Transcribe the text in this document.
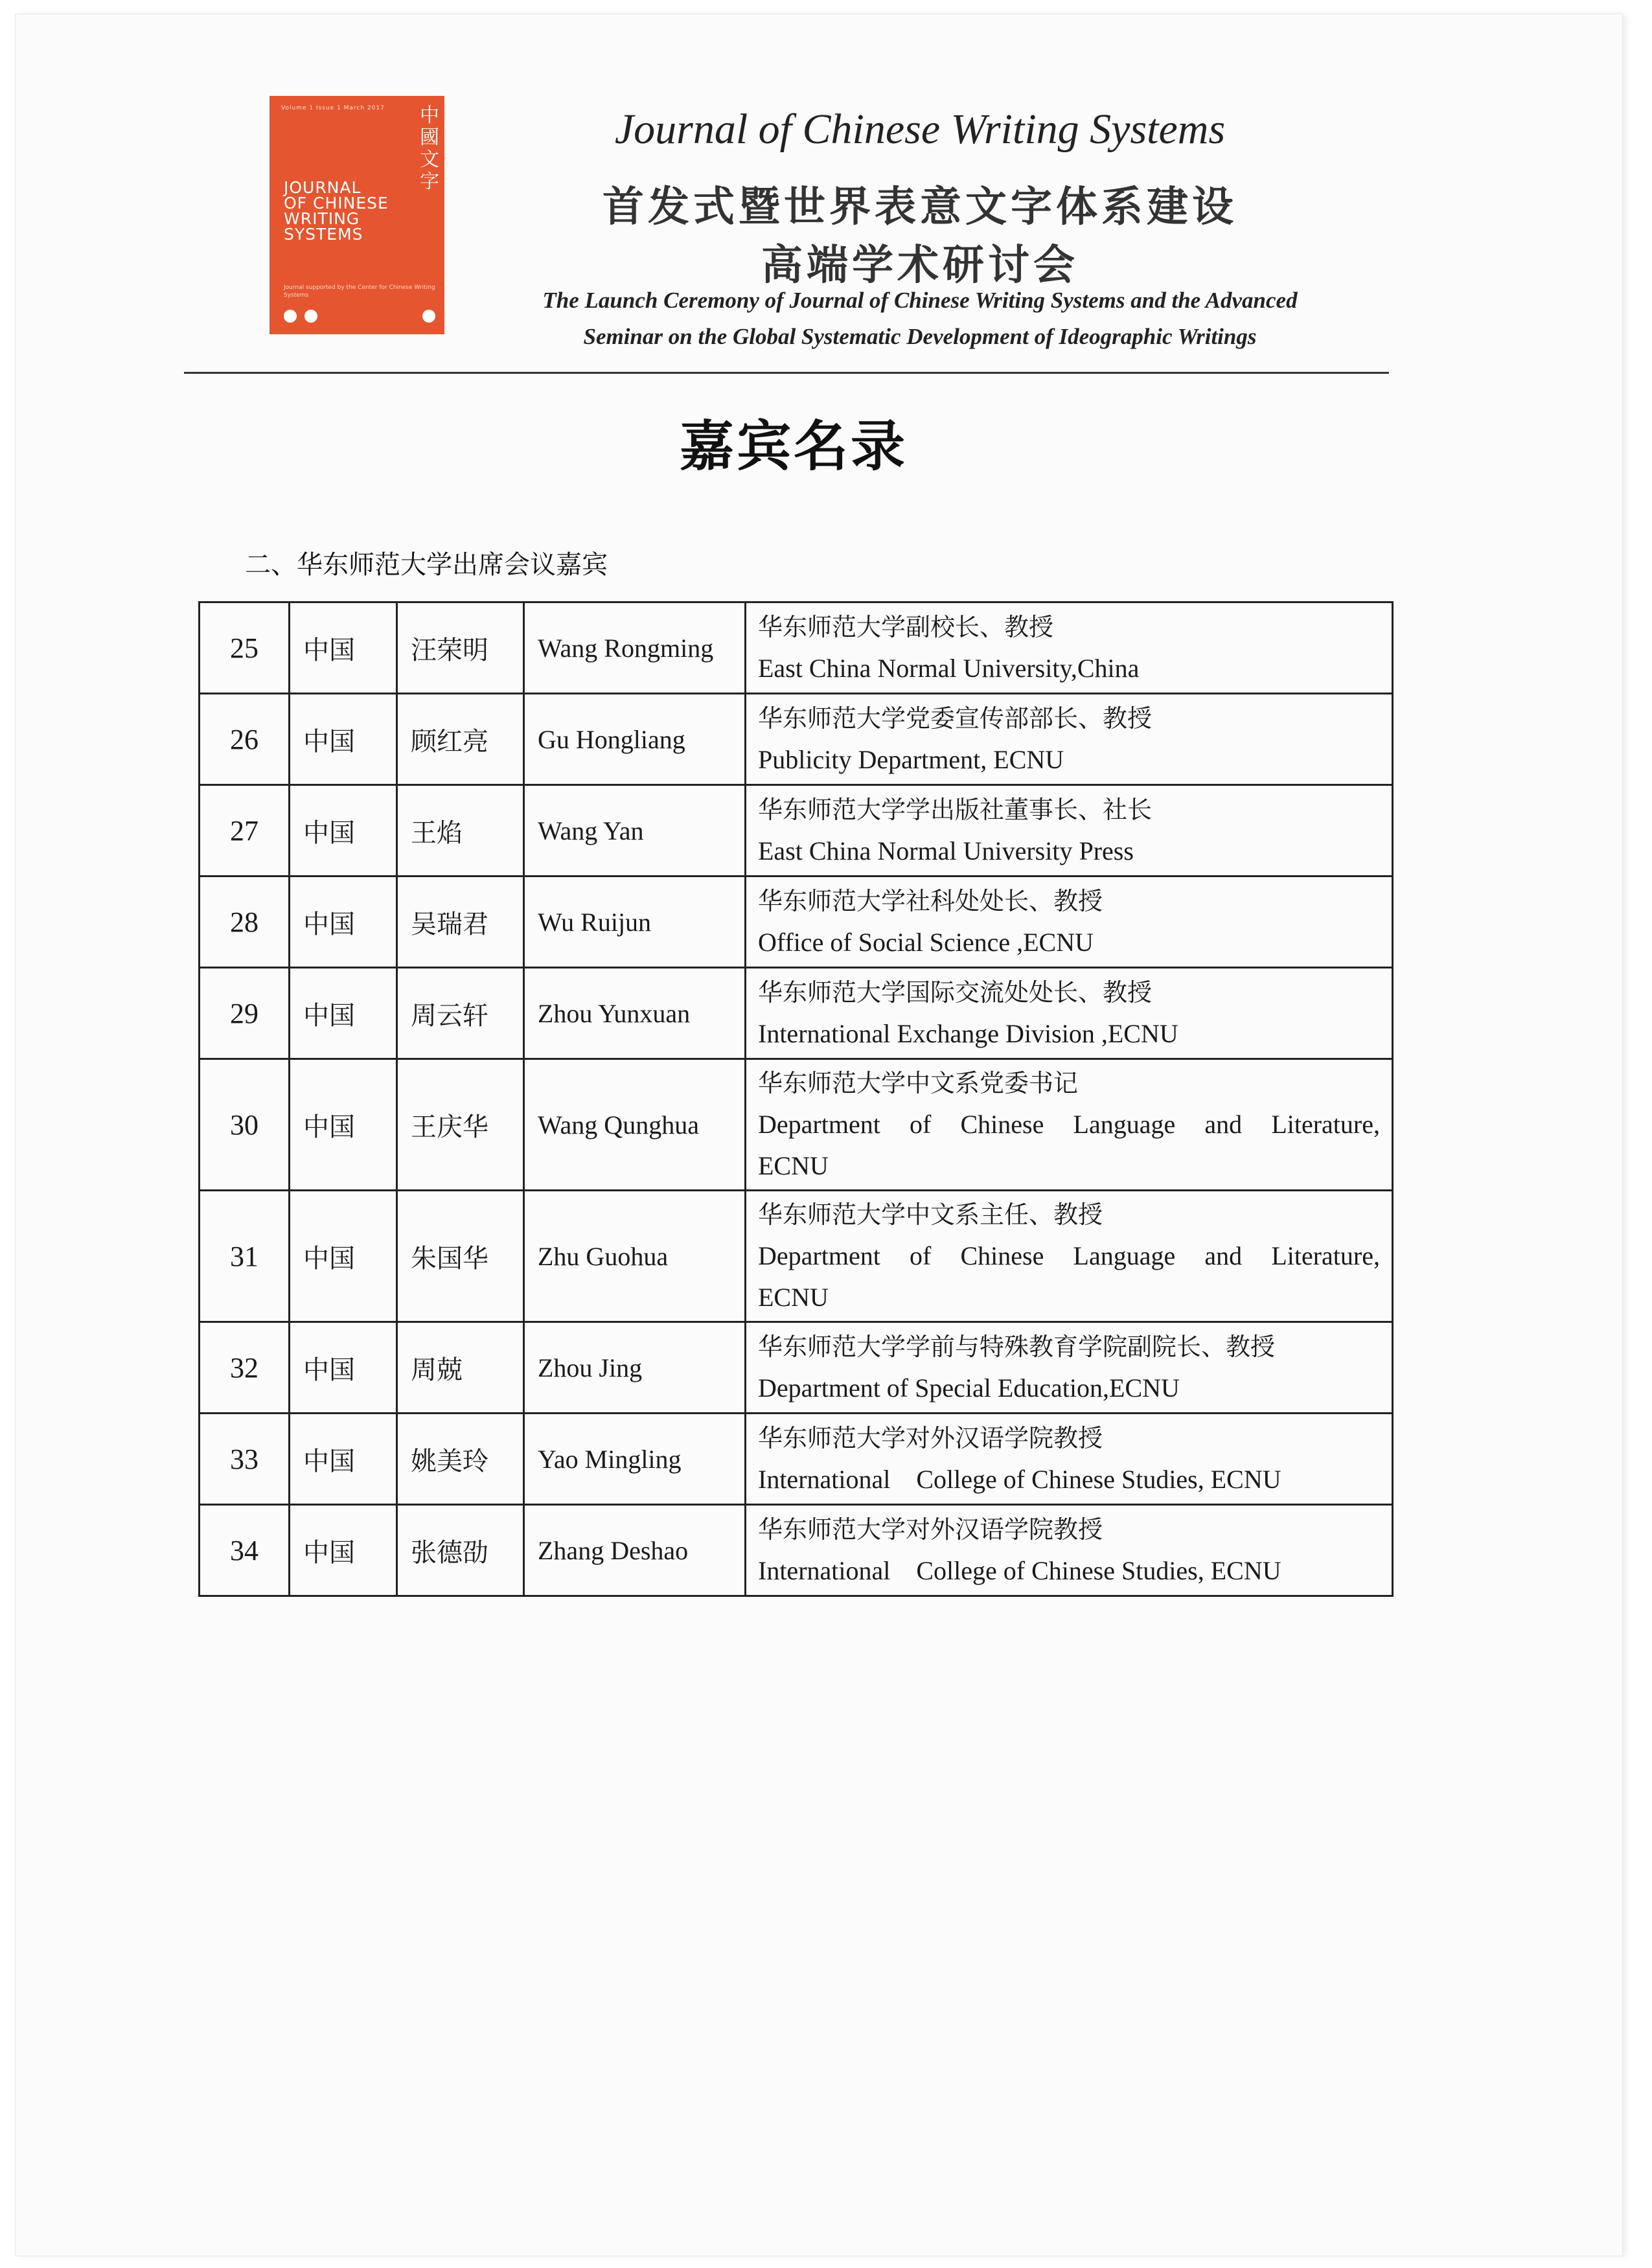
Volume 1 Issue 1 March 2017 中國文字
JOURNAL
OF CHINESE
WRITING
SYSTEMS
Journal supported by the Center for Chinese Writing Systems
Journal of Chinese Writing Systems
首发式暨世界表意文字体系建设
高端学术研讨会
The Launch Ceremony of Journal of Chinese Writing Systems and the Advanced
Seminar on the Global Systematic Development of Ideographic Writings
嘉宾名录
二、华东师范大学出席会议嘉宾
25	中国	汪荣明	Wang Rongming	华东师范大学副校长、教授
East China Normal University,China

26	中国	顾红亮	Gu Hongliang	华东师范大学党委宣传部部长、教授
Publicity Department, ECNU

27	中国	王焰	Wang Yan	华东师范大学学出版社董事长、社长
East China Normal University Press

28	中国	吴瑞君	Wu Ruijun	华东师范大学社科处处长、教授
Office of Social Science ,ECNU

29	中国	周云轩	Zhou Yunxuan	华东师范大学国际交流处处长、教授
International Exchange Division ,ECNU

30	中国	王庆华	Wang Qunghua	华东师范大学中文系党委书记
Department of Chinese Language and Literature,
ECNU

31	中国	朱国华	Zhu Guohua	华东师范大学中文系主任、教授
Department of Chinese Language and Literature,
ECNU

32	中国	周兢	Zhou Jing	华东师范大学学前与特殊教育学院副院长、教授
Department of Special Education,ECNU

33	中国	姚美玲	Yao Mingling	华东师范大学对外汉语学院教授
International    College of Chinese Studies, ECNU

34	中国	张德劭	Zhang Deshao	华东师范大学对外汉语学院教授
International    College of Chinese Studies, ECNU
